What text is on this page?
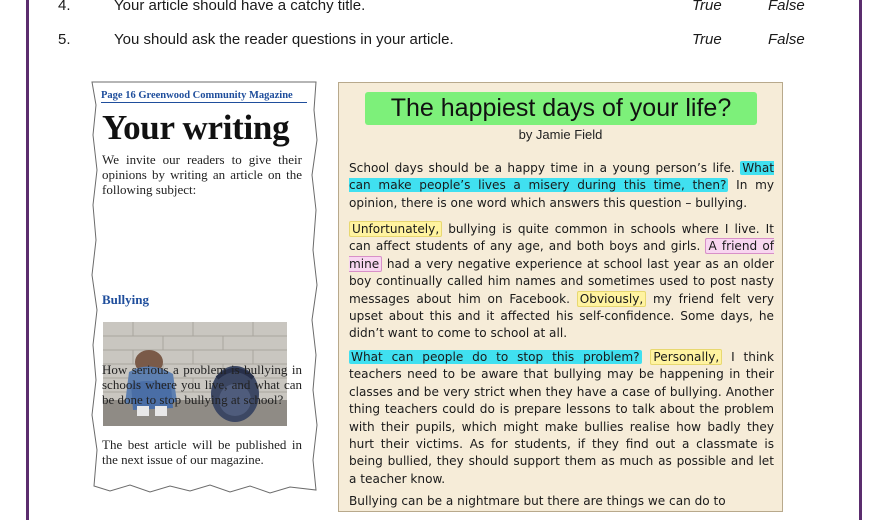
4.	Your article should have a catchy title.	True	False
5.	You should ask the reader questions in your article.	True	False
Page 16 Greenwood Community Magazine
Your writing
We invite our readers to give their opinions by writing an article on the following subject:
Bullying
How serious a problem is bullying in schools where you live, and what can be done to stop bullying at school?
The best article will be published in the next issue of our magazine.
The happiest days of your life?
by Jamie Field
School days should be a happy time in a young person’s life. What can make people’s lives a misery during this time, then? In my opinion, there is one word which answers this question – bullying.
Unfortunately, bullying is quite common in schools where I live. It can affect students of any age, and both boys and girls. A friend of mine had a very negative experience at school last year as an older boy continually called him names and sometimes used to post nasty messages about him on Facebook. Obviously, my friend felt very upset about this and it affected his self-confidence. Some days, he didn’t want to come to school at all.
What can people do to stop this problem? Personally, I think teachers need to be aware that bullying may be happening in their classes and be very strict when they have a case of bullying. Another thing teachers could do is prepare lessons to talk about the problem with their pupils, which might make bullies realise how badly they hurt their victims. As for students, if they find out a classmate is being bullied, they should support them as much as possible and let a teacher know.
Bullying can be a nightmare but there are things we can do to
